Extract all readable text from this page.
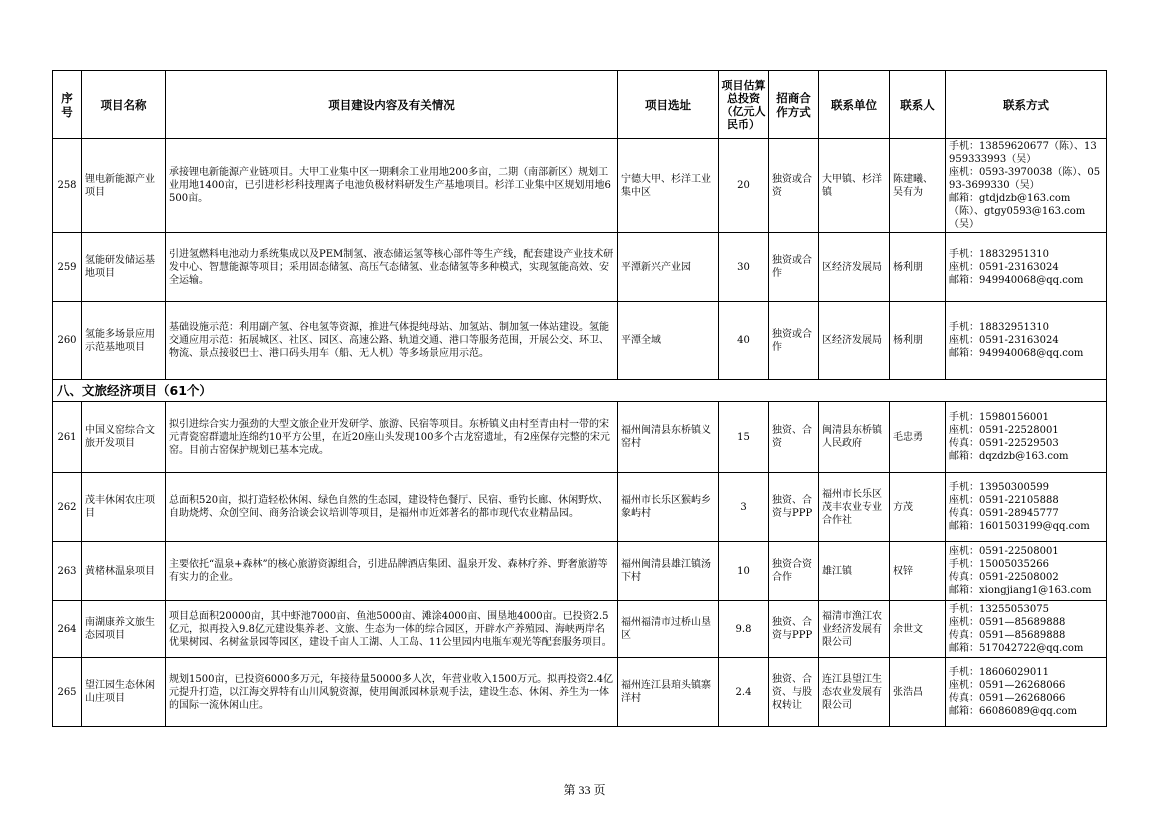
序号	项目名称	项目建设内容及有关情况	项目选址	项目估算总投资（亿元人民币）	招商合作方式	联系单位	联系人	联系方式
258	锂电新能源产业项目	承接锂电新能源产业链项目。大甲工业集中区一期剩余工业用地200多亩，二期（南部新区）规划工业用地1400亩，已引进杉杉科技理离子电池负极材料研发生产基地项目。杉洋工业集中区规划用地6500亩。	宁德大甲、杉洋工业集中区	20	独资或合资	大甲镇、杉洋镇	陈建曦、吴有为	手机：13859620677（陈）、13959333993（吴）
座机：0593-3970038（陈）、0593-3699330（吴）
邮箱：gtdjdzb@163.com（陈）、gtgy0593@163.com（吴）

259	氢能研发储运基地项目	引进氢燃料电池动力系统集成以及PEM制氢、液态储运氢等核心部件等生产线，配套建设产业技术研发中心、智慧能源等项目；采用固态储氢、高压气态储氢、业态储氢等多种模式，实现氢能高效、安全运输。	平潭新兴产业园	30	独资或合作	区经济发展局	杨利朋	手机：18832951310
座机：0591-23163024
邮箱：949940068@qq.com

260	氢能多场景应用示范基地项目	基础设施示范：利用副产氢、谷电氢等资源，推进气体提纯母站、加氢站、制加氢一体站建设。氢能交通应用示范：拓展城区、社区、园区、高速公路、轨道交通、港口等服务范围，开展公交、环卫、物流、景点接驳巴士、港口码头用车（船、无人机）等多场景应用示范。	平潭全域	40	独资或合作	区经济发展局	杨利朋	手机：18832951310
座机：0591-23163024
邮箱：949940068@qq.com

八、文旅经济项目（61个）								
261	中国义窑综合文旅开发项目	拟引进综合实力强劲的大型文旅企业开发研学、旅游、民宿等项目。东桥镇义由村至青由村一带的宋元青瓷窑群遗址连绵约10平方公里，在近20座山头发现100多个古龙窑遗址，有2座保存完整的宋元窑。目前古窑保护规划已基本完成。	福州闽清县东桥镇义窑村	15	独资、合资	闽清县东桥镇人民政府	毛忠勇	手机：15980156001
座机：0591-22528001
传真：0591-22529503
邮箱：dqzdzb@163.com

262	茂丰休闲农庄项目	总面积520亩，拟打造轻松休闲、绿色自然的生态园，建设特色餐厅、民宿、垂钓长廊、休闲野炊、自助烧烤、众创空间、商务洽谈会议培训等项目，是福州市近郊著名的都市现代农业精品园。	福州市长乐区猴屿乡象屿村	3	独资、合资与PPP	福州市长乐区茂丰农业专业合作社	方茂	手机：13950300599
座机：0591-22105888
传真：0591-28945777
邮箱：1601503199@qq.com

263	黄楮林温泉项目	主要依托“温泉+森林”的核心旅游资源组合，引进品牌酒店集团、温泉开发、森林疗养、野奢旅游等有实力的企业。	福州闽清县雄江镇汤下村	10	独资合资合作	雄江镇	权锌	座机：0591-22508001
手机：15005035266
传真：0591-22508002
邮箱：xiongjiang1@163.com

264	南湖康养文旅生态园项目	项目总面积20000亩，其中虾池7000亩、鱼池5000亩、滩涂4000亩、围垦地4000亩。已投资2.5亿元，拟再投入9.8亿元建设集养老、文旅、生态为一体的综合园区，开辟水产养殖园、海峡两岸名优果树园、名树盆景园等园区，建设千亩人工湖、人工岛、11公里园内电瓶车观光等配套服务项目。	福州福清市过桥山垦区	9.8	独资、合资与PPP	福清市渔江农业经济发展有限公司	余世文	手机：13255053075
座机：0591—85689888
传真：0591—85689888
邮箱：517042722@qq.com

265	望江园生态休闲山庄项目	规划1500亩，已投资6000多万元，年接待量50000多人次，年营业收入1500万元。拟再投资2.4亿元提升打造，以江海交界特有山川风貌资源，使用闽派园林景观手法，建设生态、休闲、养生为一体的国际一流休闲山庄。	福州连江县琯头镇寨洋村	2.4	独资、合资、与股权转让	连江县望江生态农业发展有限公司	张浩昌	手机：18606029011
座机：0591—26268066
传真：0591—26268066
邮箱：66086089@qq.com
第 33 页
